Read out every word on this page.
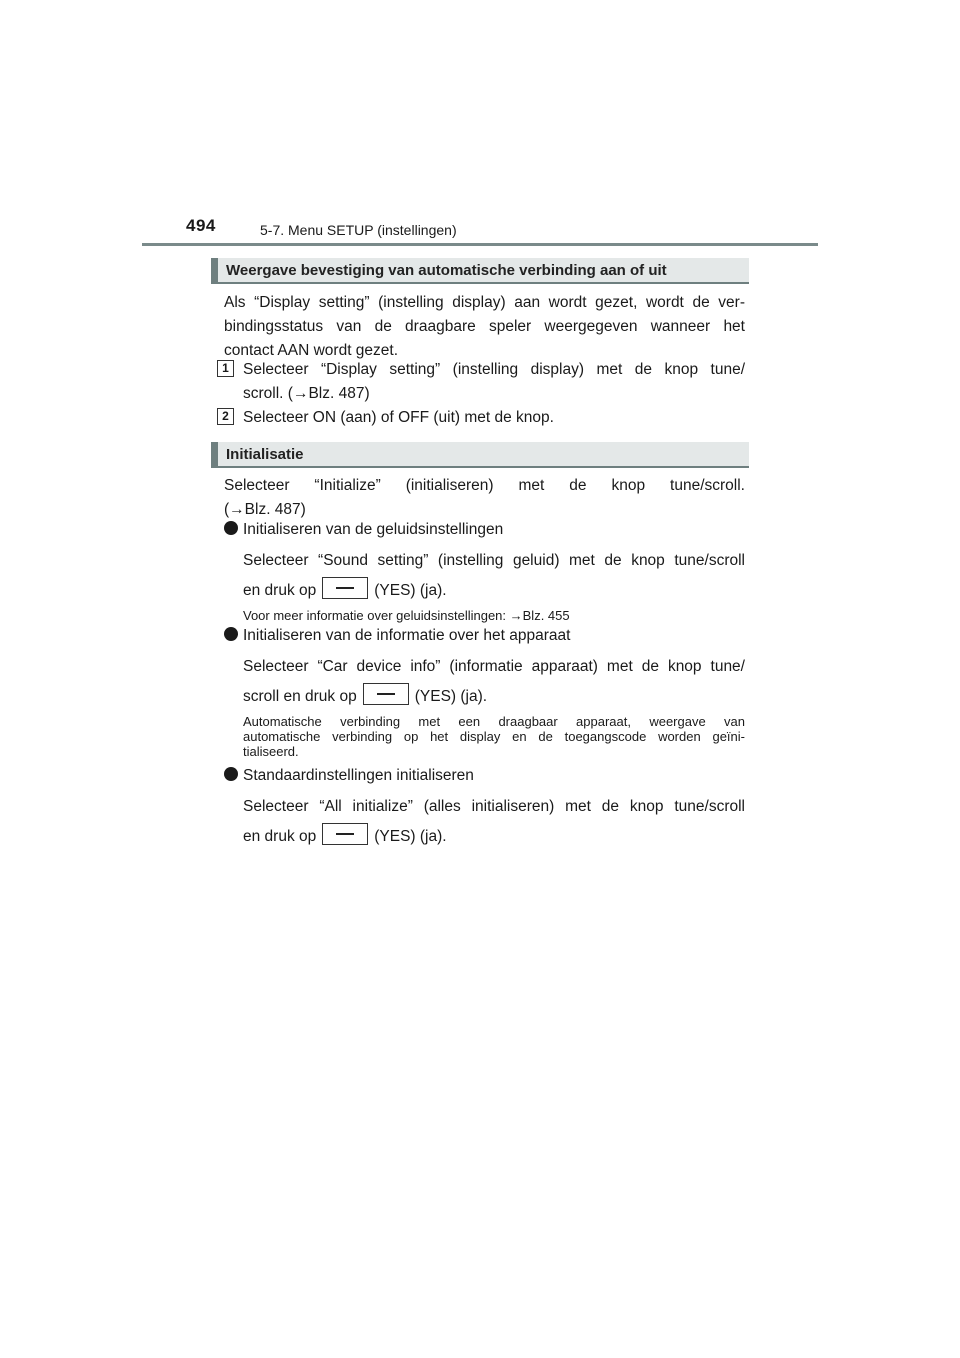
494	5-7. Menu SETUP (instellingen)
Weergave bevestiging van automatische verbinding aan of uit
Als “Display setting” (instelling display) aan wordt gezet, wordt de ver-
bindingsstatus van de draagbare speler weergegeven wanneer het
contact AAN wordt gezet.
1 Selecteer “Display setting” (instelling display) met de knop tune/
scroll. (→Blz. 487)
2 Selecteer ON (aan) of OFF (uit) met de knop.
Initialisatie
Selecteer “Initialize” (initialiseren) met de knop tune/scroll.
(→Blz. 487)
Initialiseren van de geluidsinstellingen
Selecteer “Sound setting” (instelling geluid) met de knop tune/scroll
en druk op	(YES) (ja).
Voor meer informatie over geluidsinstellingen: →Blz. 455
Initialiseren van de informatie over het apparaat
Selecteer “Car device info” (informatie apparaat) met de knop tune/
scroll en druk op	(YES) (ja).
Automatische verbinding met een draagbaar apparaat, weergave van
automatische verbinding op het display en de toegangscode worden geïni-
tialiseerd.
Standaardinstellingen initialiseren
Selecteer “All initialize” (alles initialiseren) met de knop tune/scroll
en druk op	(YES) (ja).
